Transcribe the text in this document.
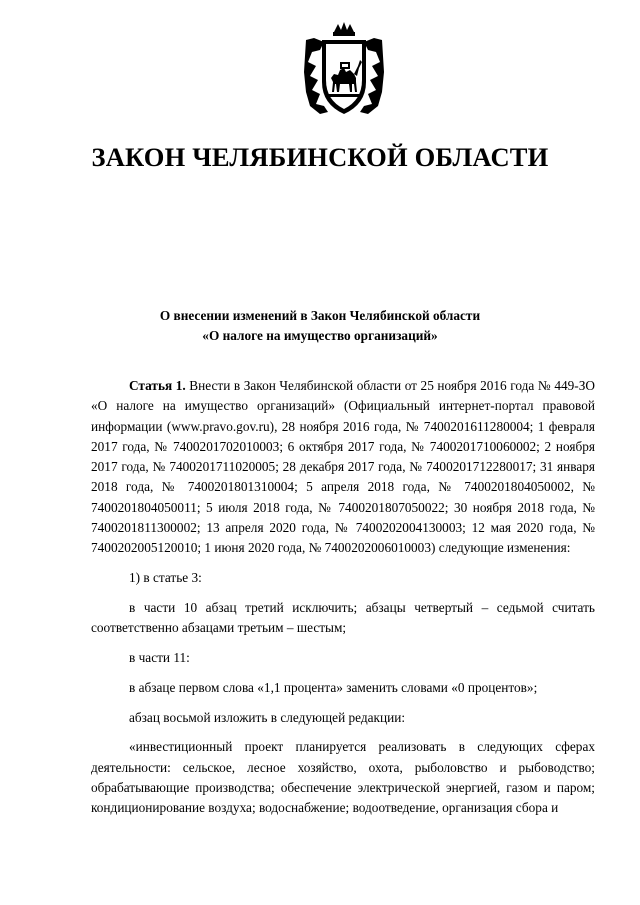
ЗАКОН ЧЕЛЯБИНСКОЙ ОБЛАСТИ
О внесении изменений в Закон Челябинской области
«О налоге на имущество организаций»

Статья 1. Внести в Закон Челябинской области от 25 ноября 2016 года № 449-ЗО «О налоге на имущество организаций» (Официальный интернет-портал правовой информации (www.pravo.gov.ru), 28 ноября 2016 года, № 7400201611280004; 1 февраля 2017 года, № 7400201702010003; 6 октября 2017 года, № 7400201710060002; 2 ноября 2017 года, № 7400201711020005; 28 декабря 2017 года, № 7400201712280017; 31 января 2018 года, № 7400201801310004; 5 апреля 2018 года, № 7400201804050002, № 7400201804050011; 5 июля 2018 года, № 7400201807050022; 30 ноября 2018 года, № 7400201811300002; 13 апреля 2020 года, № 7400202004130003; 12 мая 2020 года, № 7400202005120010; 1 июня 2020 года, № 7400202006010003) следующие изменения:

1) в статье 3:

в части 10 абзац третий исключить; абзацы четвертый – седьмой считать соответственно абзацами третьим – шестым;

в части 11:

в абзаце первом слова «1,1 процента» заменить словами «0 процентов»;

абзац восьмой изложить в следующей редакции:

«инвестиционный проект планируется реализовать в следующих сферах деятельности: сельское, лесное хозяйство, охота, рыболовство и рыбоводство; обрабатывающие производства; обеспечение электрической энергией, газом и паром; кондиционирование воздуха; водоснабжение; водоотведение, организация сбора и
